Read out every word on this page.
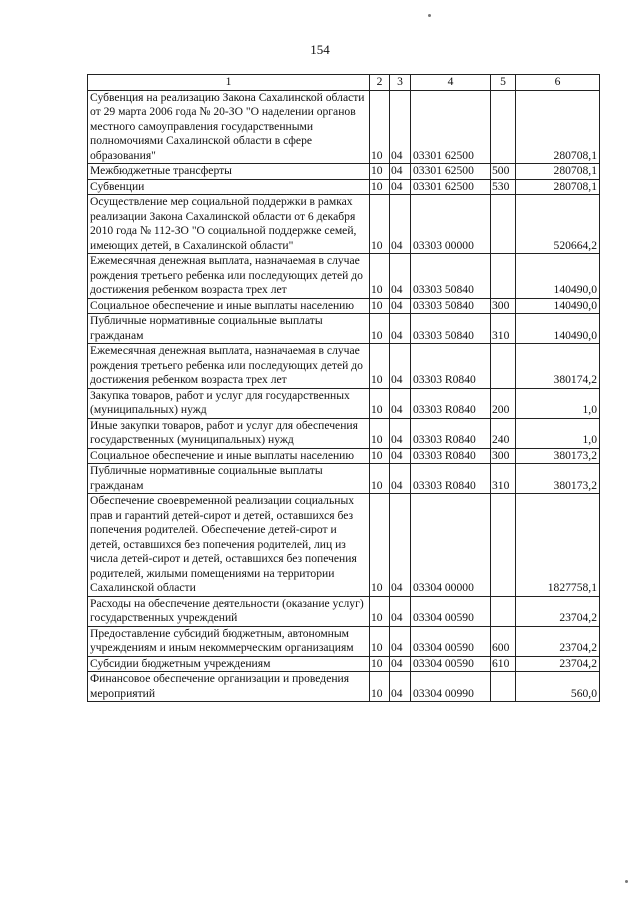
154
1	2	3	4	5	6
Субвенция на реализацию Закона Сахалинской области от 29 марта 2006 года № 20-ЗО "О наделении органов местного самоуправления государственными полномочиями Сахалинской области в сфере образования"	10	04	03301 62500		280708,1
Межбюджетные трансферты	10	04	03301 62500	500	280708,1
Субвенции	10	04	03301 62500	530	280708,1
Осуществление мер социальной поддержки в рамках реализации Закона Сахалинской области от 6 декабря 2010 года № 112-ЗО "О социальной поддержке семей, имеющих детей, в Сахалинской области"	10	04	03303 00000		520664,2
Ежемесячная денежная выплата, назначаемая в случае рождения третьего ребенка или последующих детей до достижения ребенком возраста трех лет	10	04	03303 50840		140490,0
Социальное обеспечение и иные выплаты населению	10	04	03303 50840	300	140490,0
Публичные нормативные социальные выплаты гражданам	10	04	03303 50840	310	140490,0
Ежемесячная денежная выплата, назначаемая в случае рождения третьего ребенка или последующих детей до достижения ребенком возраста трех лет	10	04	03303 R0840		380174,2
Закупка товаров, работ и услуг для государственных (муниципальных) нужд	10	04	03303 R0840	200	1,0
Иные закупки товаров, работ и услуг для обеспечения государственных (муниципальных) нужд	10	04	03303 R0840	240	1,0
Социальное обеспечение и иные выплаты населению	10	04	03303 R0840	300	380173,2
Публичные нормативные социальные выплаты гражданам	10	04	03303 R0840	310	380173,2
Обеспечение своевременной реализации социальных прав и гарантий детей-сирот и детей, оставшихся без попечения родителей. Обеспечение детей-сирот и детей, оставшихся без попечения родителей, лиц из числа детей-сирот и детей, оставшихся без попечения родителей, жилыми помещениями на территории Сахалинской области	10	04	03304 00000		1827758,1
Расходы на обеспечение деятельности (оказание услуг) государственных учреждений	10	04	03304 00590		23704,2
Предоставление субсидий бюджетным, автономным учреждениям и иным некоммерческим организациям	10	04	03304 00590	600	23704,2
Субсидии бюджетным учреждениям	10	04	03304 00590	610	23704,2
Финансовое обеспечение организации и проведения мероприятий	10	04	03304 00990		560,0
